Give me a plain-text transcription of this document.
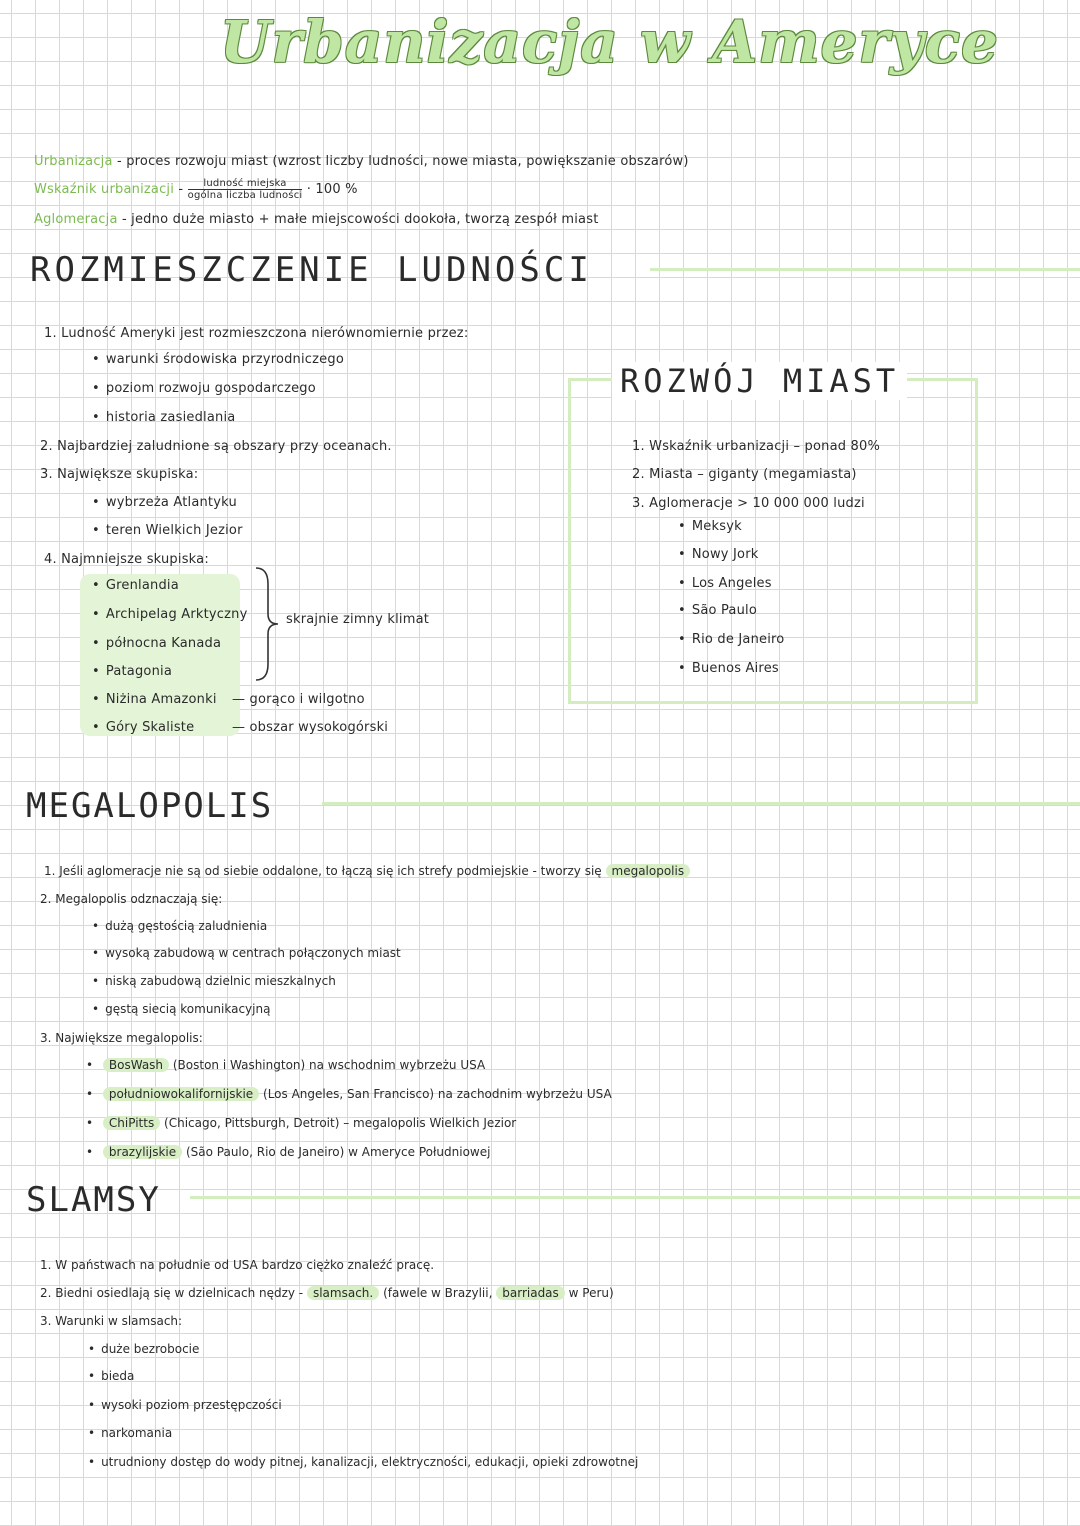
Urbanizacja w Ameryce
Urbanizacja - proces rozwoju miast (wzrost liczby ludności, nowe miasta, powiększanie obszarów)
Wskaźnik urbanizacji - $\frac{\text{ludność miejska}}{\text{ogólna liczba ludności}} \cdot 100$ %
Aglomeracja - jedno duże miasto + małe miejscowości dookoła, tworzą zespół miast
ROZMIESZCZENIE LUDNOŚCI
1. Ludność Ameryki jest rozmieszczona nierównomiernie przez:
• warunki środowiska przyrodniczego
• poziom rozwoju gospodarczego
• historia zasiedlania
2. Najbardziej zaludnione są obszary przy oceanach.
3. Największe skupiska:
• wybrzeża Atlantyku
• teren Wielkich Jezior
4. Najmniejsze skupiska:
• Grenlandia
• Archipelag Arktyczny
• północna Kanada
• Patagonia
skrajnie zimny klimat
• Niżina Amazonki — gorąco i wilgotno
• Góry Skaliste	— obszar wysokogórski
ROZWÓJ MIAST
1. Wskaźnik urbanizacji – ponad 80%
2. Miasta – giganty (megamiasta)
3. Aglomeracje > 10 000 000 ludzi
• Meksyk
• Nowy Jork
• Los Angeles
• São Paulo
• Rio de Janeiro
• Buenos Aires
MEGALOPOLIS
1. Jeśli aglomeracje nie są od siebie oddalone, to łączą się ich strefy podmiejskie - tworzy się megalopolis
2. Megalopolis odznaczają się:
• dużą gęstością zaludnienia
• wysoką zabudową w centrach połączonych miast
• niską zabudową dzielnic mieszkalnych
• gęstą siecią komunikacyjną
3. Największe megalopolis:
• BosWash (Boston i Washington) na wschodnim wybrzeżu USA
• południowokalifornijskie (Los Angeles, San Francisco) na zachodnim wybrzeżu USA
• ChiPitts (Chicago, Pittsburgh, Detroit) – megalopolis Wielkich Jezior
• brazylijskie (São Paulo, Rio de Janeiro) w Ameryce Południowej
SLAMSY
1. W państwach na południe od USA bardzo ciężko znaleźć pracę.
2. Biedni osiedlają się w dzielnicach nędzy - slamsach. (fawele w Brazylii, barriadas w Peru)
3. Warunki w slamsach:
• duże bezrobocie
• bieda
• wysoki poziom przestępczości
• narkomania
• utrudniony dostęp do wody pitnej, kanalizacji, elektryczności, edukacji, opieki zdrowotnej
